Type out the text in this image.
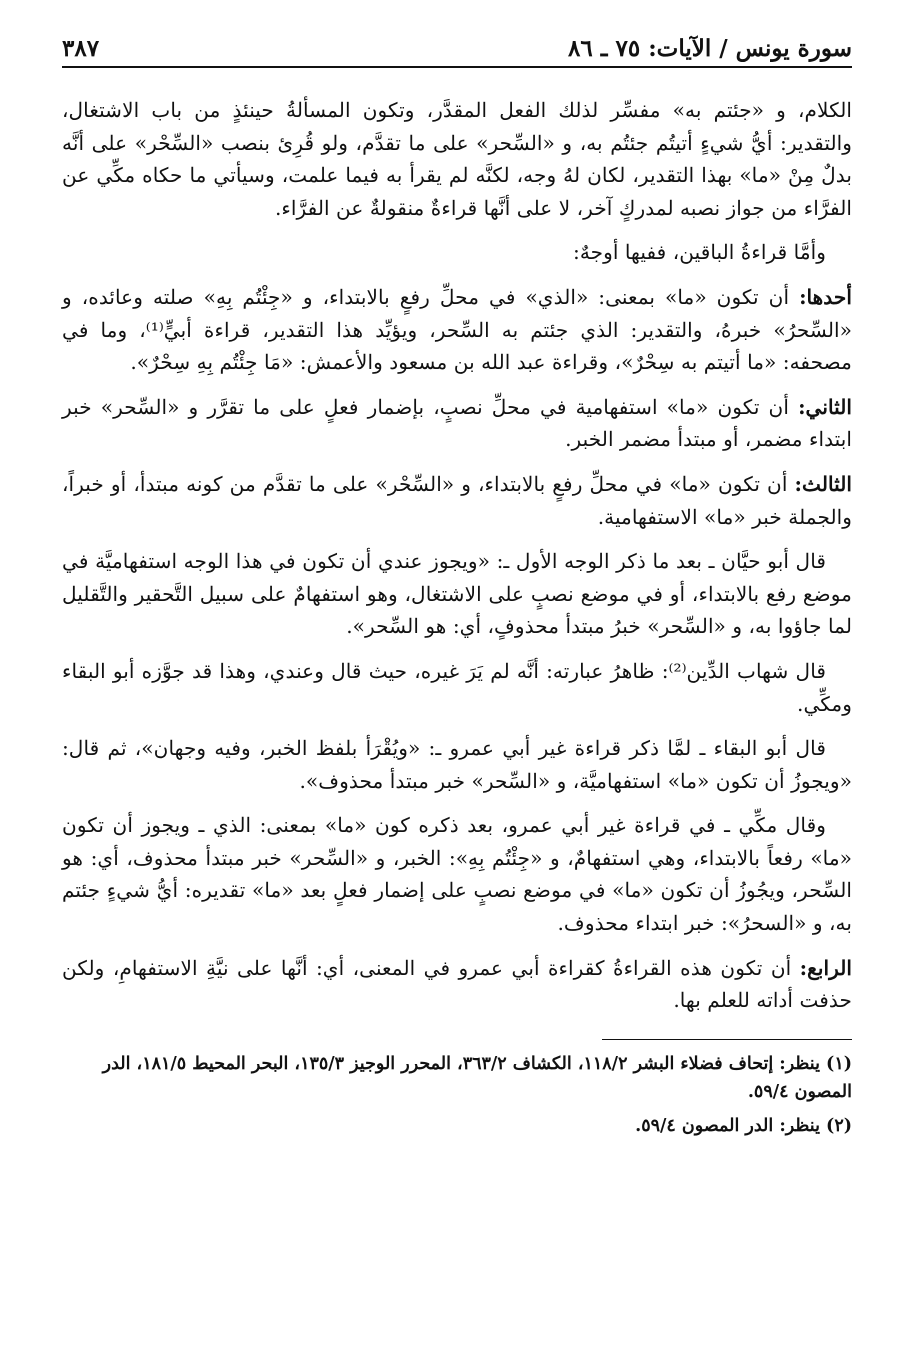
سورة يونس / الآيات: ٧٥ ـ ٨٦
٣٨٧

الكلام، و «جئتم به» مفسِّر لذلك الفعل المقدَّر، وتكون المسألةُ حينئذٍ من باب الاشتغال، والتقدير: أيُّ شيءٍ أتيتُم جئتُم به، و «السِّحر» على ما تقدَّم، ولو قُرِئ بنصب «السِّحْر» على أنَّه بدلٌ مِنْ «ما» بهذا التقدير، لكان لهُ وجه، لكنَّه لم يقرأ به فيما علمت، وسيأتي ما حكاه مكِّي عن الفرَّاء من جواز نصبه لمدركٍ آخر، لا على أنَّها قراءةٌ منقولةٌ عن الفرَّاء.

وأمَّا قراءةُ الباقين، ففيها أوجهٌ:

أحدها: أن تكون «ما» بمعنى: «الذي» في محلِّ رفعٍ بالابتداء، و «جِئْتُم بِهِ» صلته وعائده، و «السِّحرُ» خبرهُ، والتقدير: الذي جئتم به السِّحر، ويؤيِّد هذا التقدير، قراءة أبيٍّ⁽¹⁾، وما في مصحفه: «ما أتيتم به سِحْرٌ»، وقراءة عبد الله بن مسعود والأعمش: «مَا جِئْتُم بِهِ سِحْرٌ».

الثاني: أن تكون «ما» استفهامية في محلِّ نصبٍ، بإضمار فعلٍ على ما تقرَّر و «السِّحر» خبر ابتداء مضمر، أو مبتدأ مضمر الخبر.

الثالث: أن تكون «ما» في محلِّ رفعٍ بالابتداء، و «السِّحْر» على ما تقدَّم من كونه مبتدأ، أو خبراً، والجملة خبر «ما» الاستفهامية.

قال أبو حيَّان ـ بعد ما ذكر الوجه الأول ـ: «ويجوز عندي أن تكون في هذا الوجه استفهاميَّة في موضع رفع بالابتداء، أو في موضع نصبٍ على الاشتغال، وهو استفهامٌ على سبيل التَّحقير والتَّقليل لما جاؤوا به، و «السِّحر» خبرُ مبتدأ محذوفٍ، أي: هو السِّحر».

قال شهاب الدِّين⁽²⁾: ظاهرُ عبارته: أنَّه لم يَرَ غيره، حيث قال وعندي، وهذا قد جوَّزه أبو البقاء ومكِّي.

قال أبو البقاء ـ لمَّا ذكر قراءة غير أبي عمرو ـ: «ويُقْرَأ بلفظ الخبر، وفيه وجهان»، ثم قال: «ويجوزُ أن تكون «ما» استفهاميَّة، و «السِّحر» خبر مبتدأ محذوف».

وقال مكِّي ـ في قراءة غير أبي عمرو، بعد ذكره كون «ما» بمعنى: الذي ـ ويجوز أن تكون «ما» رفعاً بالابتداء، وهي استفهامٌ، و «جِئْتُم بِهِ»: الخبر، و «السِّحر» خبر مبتدأ محذوف، أي: هو السِّحر، ويجُوزُ أن تكون «ما» في موضع نصبٍ على إضمار فعلٍ بعد «ما» تقديره: أيُّ شيءٍ جئتم به، و «السحرُ»: خبر ابتداء محذوف.

الرابع: أن تكون هذه القراءةُ كقراءة أبي عمرو في المعنى، أي: أنَّها على نيَّةِ الاستفهامِ، ولكن حذفت أداته للعلم بها.

(١) ينظر: إتحاف فضلاء البشر ١١٨/٢، الكشاف ٣٦٣/٢، المحرر الوجيز ١٣٥/٣، البحر المحيط ١٨١/٥، الدر المصون ٥٩/٤.

(٢) ينظر: الدر المصون ٥٩/٤.
